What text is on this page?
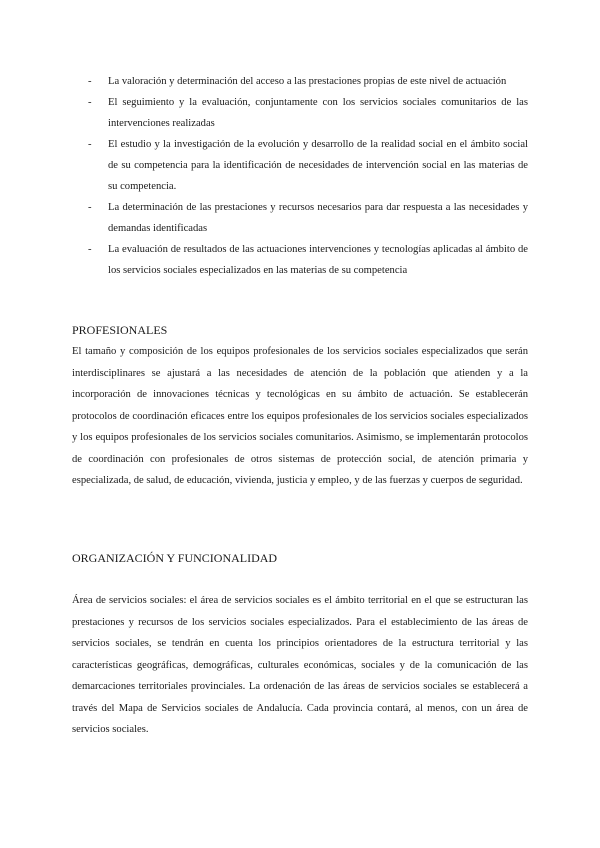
- La valoración y determinación del acceso a las prestaciones propias de este nivel de actuación
- El seguimiento y la evaluación, conjuntamente con los servicios sociales comunitarios de las intervenciones realizadas
- El estudio y la investigación de la evolución y desarrollo de la realidad social en el ámbito social de su competencia para la identificación de necesidades de intervención social en las materias de su competencia.
- La determinación de las prestaciones y recursos necesarios para dar respuesta a las necesidades y demandas identificadas
- La evaluación de resultados de las actuaciones intervenciones y tecnologías aplicadas al ámbito de los servicios sociales especializados en las materias de su competencia
PROFESIONALES

El tamaño y composición de los equipos profesionales de los servicios sociales especializados que serán interdisciplinares se ajustará a las necesidades de atención de la población que atienden y a la incorporación de innovaciones técnicas y tecnológicas en su ámbito de actuación. Se establecerán protocolos de coordinación eficaces entre los equipos profesionales de los servicios sociales especializados y los equipos profesionales de los servicios sociales comunitarios. Asimismo, se implementarán protocolos de coordinación con profesionales de otros sistemas de protección social, de atención primaria y especializada, de salud, de educación, vivienda, justicia y empleo, y de las fuerzas y cuerpos de seguridad.

ORGANIZACIÓN Y FUNCIONALIDAD

Área de servicios sociales: el área de servicios sociales es el ámbito territorial en el que se estructuran las prestaciones y recursos de los servicios sociales especializados. Para el establecimiento de las áreas de servicios sociales, se tendrán en cuenta los principios orientadores de la estructura territorial y las características geográficas, demográficas, culturales económicas, sociales y de la comunicación de las demarcaciones territoriales provinciales. La ordenación de las áreas de servicios sociales se establecerá a través del Mapa de Servicios sociales de Andalucía. Cada provincia contará, al menos, con un área de servicios sociales.
